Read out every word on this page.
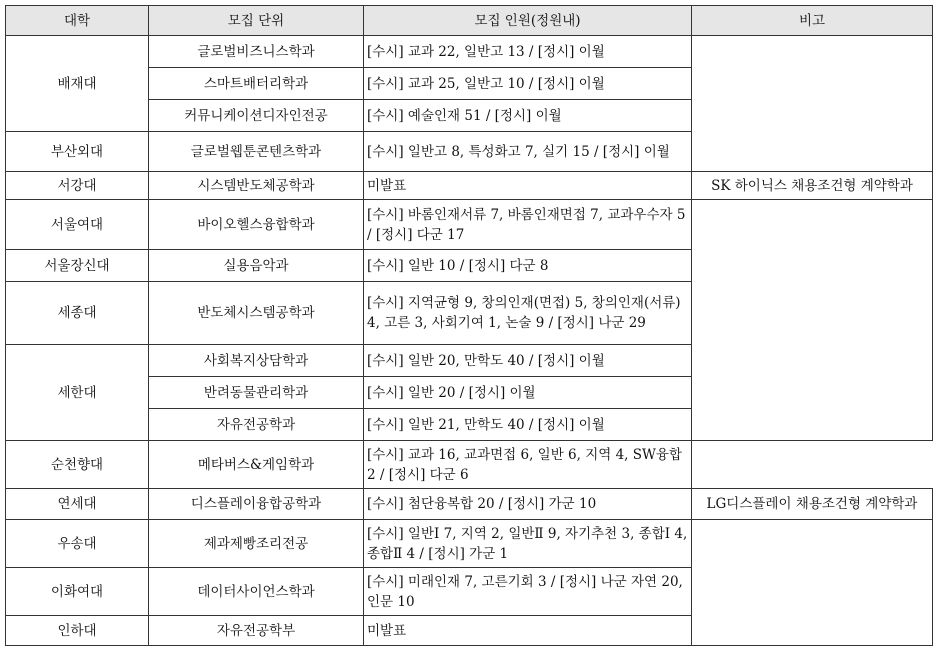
대학	모집 단위	모집 인원(정원내)	비고
배재대	글로벌비즈니스학과	[수시] 교과 22, 일반고 13 / [정시] 이월	
	스마트배터리학과	[수시] 교과 25, 일반고 10 / [정시] 이월	
	커뮤니케이션디자인전공	[수시] 예술인재 51 / [정시] 이월	
부산외대	글로벌웹툰콘텐츠학과	[수시] 일반고 8, 특성화고 7, 실기 15 / [정시] 이월	
서강대	시스템반도체공학과	미발표	SK 하이닉스 채용조건형 계약학과
서울여대	바이오헬스융합학과	[수시] 바롬인재서류 7, 바롬인재면접 7, 교과우수자 5 / [정시] 다군 17	
서울장신대	실용음악과	[수시] 일반 10 / [정시] 다군 8	
세종대	반도체시스템공학과	[수시] 지역균형 9, 창의인재(면접) 5, 창의인재(서류) 4, 고른 3, 사회기여 1, 논술 9 / [정시] 나군 29	
세한대	사회복지상담학과	[수시] 일반 20, 만학도 40 / [정시] 이월	
	반려동물관리학과	[수시] 일반 20 / [정시] 이월	
	자유전공학과	[수시] 일반 21, 만학도 40 / [정시] 이월	
순천향대	메타버스&게임학과	[수시] 교과 16, 교과면접 6, 일반 6, 지역 4, SW융합 2 / [정시] 다군 6	
연세대	디스플레이융합공학과	[수시] 첨단융복합 20 / [정시] 가군 10	LG디스플레이 채용조건형 계약학과
우송대	제과제빵조리전공	[수시] 일반Ⅰ 7, 지역 2, 일반Ⅱ 9, 자기추천 3, 종합Ⅰ 4, 종합Ⅱ 4 / [정시] 가군 1	
이화여대	데이터사이언스학과	[수시] 미래인재 7, 고른기회 3 / [정시] 나군 자연 20, 인문 10	
인하대	자유전공학부	미발표	
